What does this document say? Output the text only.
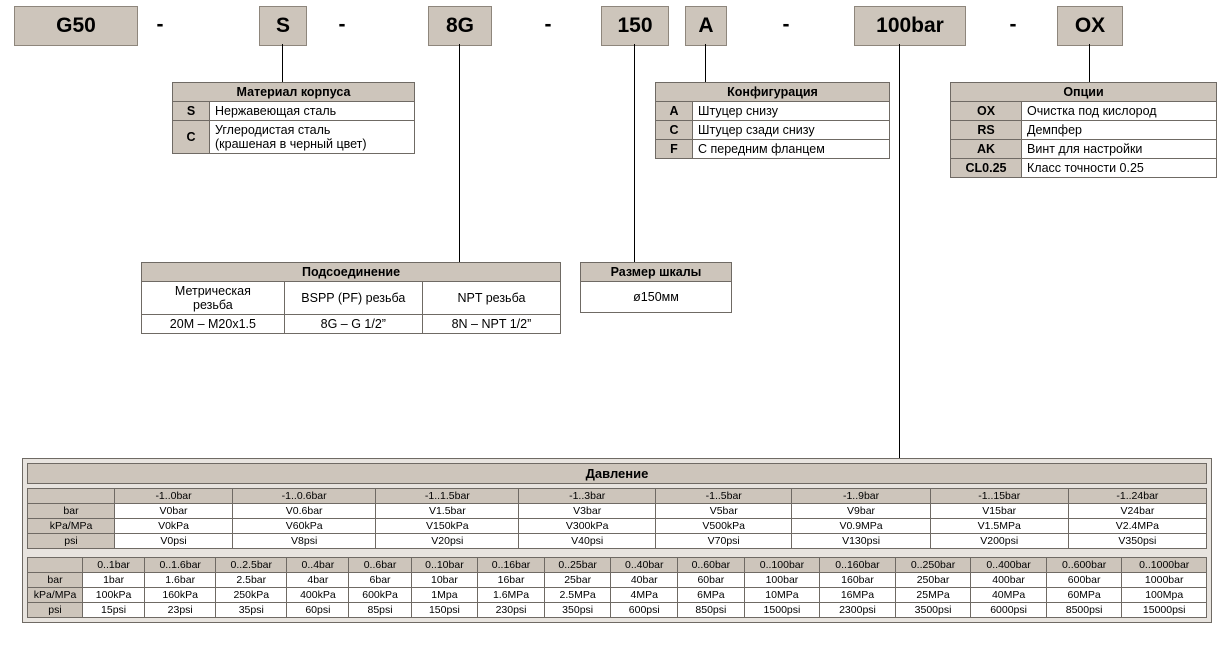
G50	-	S -	8G	-	150 A	-	100bar	-	OX
Материал корпуса	
S	Нержавеющая сталь
C	Углеродистая сталь
(крашеная в черный цвет)
Конфигурация	
A	Штуцер снизу
C	Штуцер сзади снизу
F	С передним фланцем
Опции	
OX	Очистка под кислород
RS	Демпфер
AK	Винт для настройки
CL0.25	Класс точности 0.25
Подсоединение		

Метрическая
резьба	BSPP (PF) резьба	NPT резьба
20M – M20x1.5	8G – G 1/2”	8N – NPT 1/2”
Размер шкалы
ø150мм
Давление
	-1..0bar	-1..0.6bar	-1..1.5bar	-1..3bar	-1..5bar	-1..9bar	-1..15bar	-1..24bar
bar	V0bar	V0.6bar	V1.5bar	V3bar	V5bar	V9bar	V15bar	V24bar
kPa/MPa	V0kPa	V60kPa	V150kPa	V300kPa	V500kPa	V0.9MPa	V1.5MPa	V2.4MPa
psi	V0psi	V8psi	V20psi	V40psi	V70psi	V130psi	V200psi	V350psi
	0..1bar	0..1.6bar	0..2.5bar	0..4bar	0..6bar	0..10bar	0..16bar	0..25bar	0..40bar	0..60bar	0..100bar	0..160bar	0..250bar	0..400bar	0..600bar	0..1000bar
bar	1bar	1.6bar	2.5bar	4bar	6bar	10bar	16bar	25bar	40bar	60bar	100bar	160bar	250bar	400bar	600bar	1000bar
kPa/MPa	100kPa	160kPa	250kPa	400kPa	600kPa	1Mpa	1.6MPa	2.5MPa	4MPa	6MPa	10MPa	16MPa	25MPa	40MPa	60MPa	100Mpa
psi	15psi	23psi	35psi	60psi	85psi	150psi	230psi	350psi	600psi	850psi	1500psi	2300psi	3500psi	6000psi	8500psi	15000psi
